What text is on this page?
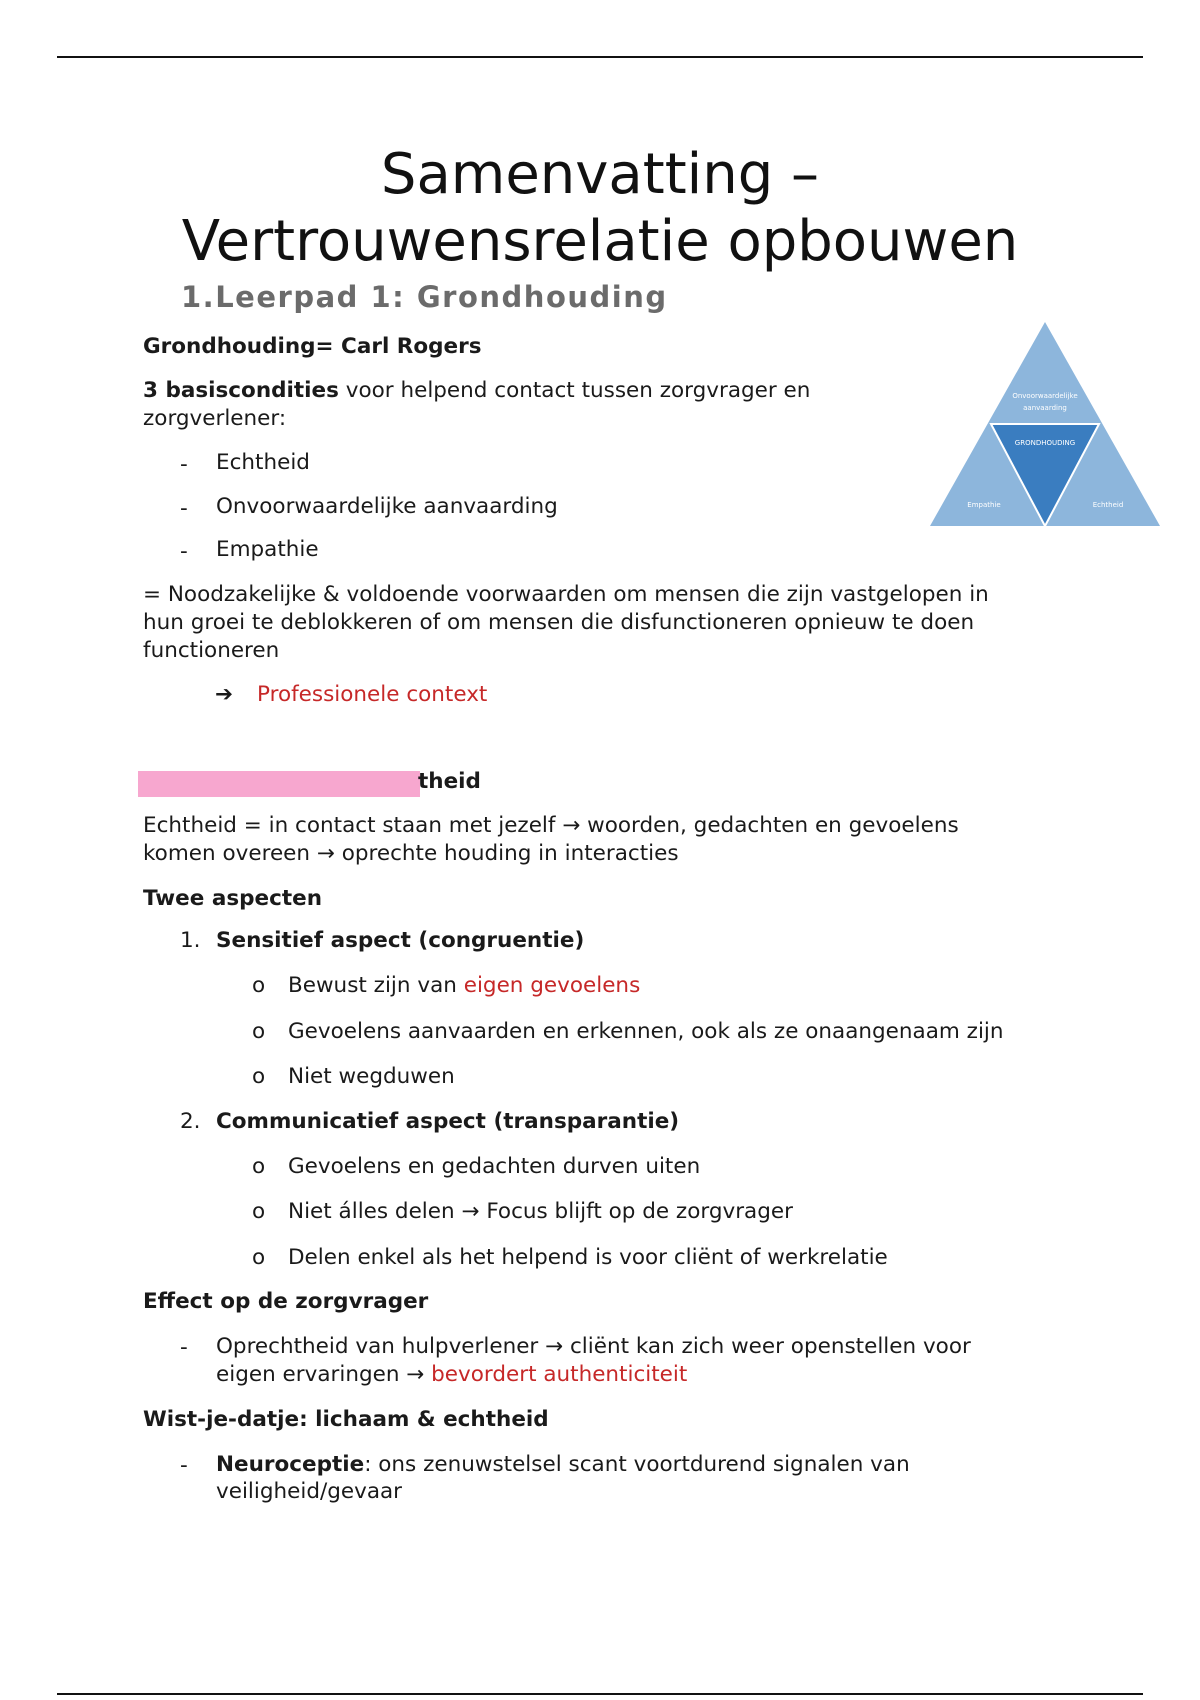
Samenvatting –
Vertrouwensrelatie opbouwen
1.Leerpad 1: Grondhouding
Grondhouding= Carl Rogers
3 basiscondities voor helpend contact tussen zorgvrager en
zorgverlener:
- Echtheid
- Onvoorwaardelijke aanvaarding
- Empathie
Onvoorwaardelijke
aanvaarding
GRONDHOUDING
Empathie	Echtheid
= Noodzakelijke & voldoende voorwaarden om mensen die zijn vastgelopen in
hun groei te deblokkeren of om mensen die disfunctioneren opnieuw te doen
functioneren
➔ Professionele context
theid
Echtheid = in contact staan met jezelf → woorden, gedachten en gevoelens
komen overeen → oprechte houding in interacties
Twee aspecten
1. Sensitief aspect (congruentie)
o Bewust zijn van eigen gevoelens
o Gevoelens aanvaarden en erkennen, ook als ze onaangenaam zijn
o Niet wegduwen
2. Communicatief aspect (transparantie)
o Gevoelens en gedachten durven uiten
o Niet álles delen → Focus blijft op de zorgvrager
o Delen enkel als het helpend is voor cliënt of werkrelatie
Effect op de zorgvrager
- Oprechtheid van hulpverlener → cliënt kan zich weer openstellen voor
eigen ervaringen → bevordert authenticiteit
Wist-je-datje: lichaam & echtheid
- Neuroceptie: ons zenuwstelsel scant voortdurend signalen van
veiligheid/gevaar
